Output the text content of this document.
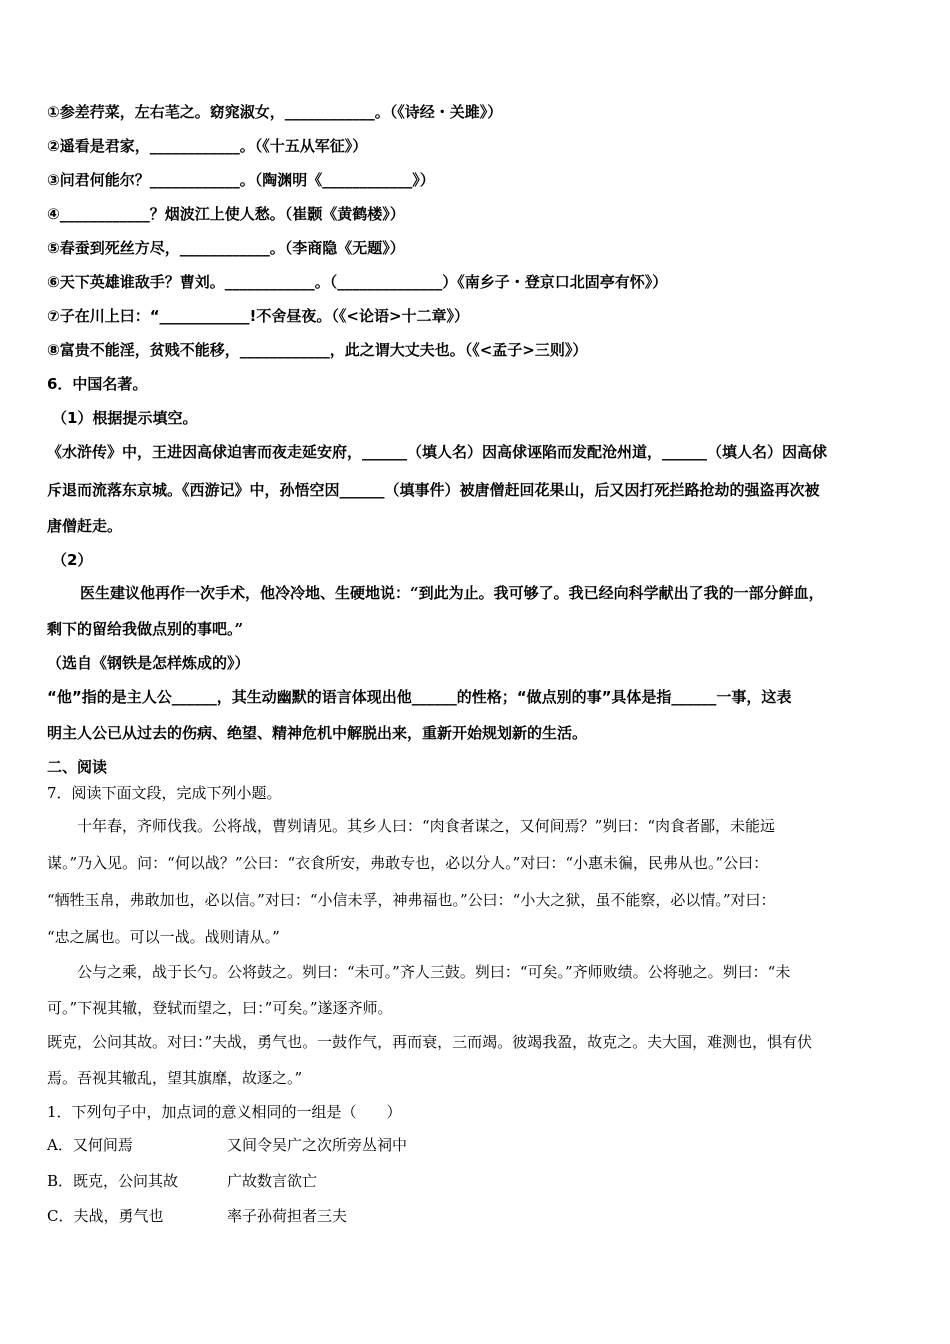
①参差荇菜，左右芼之。窈窕淑女，____________。（《诗经・关雎》）
②遥看是君家，____________。（《十五从军征》）
③问君何能尔？____________。（陶渊明《____________》）
④____________？烟波江上使人愁。（崔颢《黄鹤楼》）
⑤春蚕到死丝方尽，____________。（李商隐《无题》）
⑥天下英雄谁敌手？曹刘。____________。（______________）《南乡子・登京口北固亭有怀》）
⑦子在川上曰：“____________!不舍昼夜。（《<论语>十二章》）
⑧富贵不能淫，贫贱不能移，____________，此之谓大丈夫也。（《<孟子>三则》）
6．中国名著。
（1）根据提示填空。
《水浒传》中，王进因高俅迫害而夜走延安府，______（填人名）因高俅诬陷而发配沧州道，______（填人名）因高俅
斥退而流落东京城。《西游记》中，孙悟空因______（填事件）被唐僧赶回花果山，后又因打死拦路抢劫的强盗再次被
唐僧赶走。
（2）
医生建议他再作一次手术，他冷冷地、生硬地说：“到此为止。我可够了。我已经向科学献出了我的一部分鲜血，
剩下的留给我做点别的事吧。”
（选自《钢铁是怎样炼成的》）
“他”指的是主人公______，其生动幽默的语言体现出他______的性格；“做点别的事”具体是指______一事，这表
明主人公已从过去的伤病、绝望、精神危机中解脱出来，重新开始规划新的生活。
二、阅读
7．阅读下面文段，完成下列小题。
十年春，齐师伐我。公将战，曹刿请见。其乡人曰：“肉食者谋之，又何间焉？”刿曰：“肉食者鄙，未能远
谋。”乃入见。问：“何以战？”公曰：“衣食所安，弗敢专也，必以分人。”对曰：“小惠未徧，民弗从也。”公曰：
“牺牲玉帛，弗敢加也，必以信。”对曰：“小信未孚，神弗福也。”公曰：“小大之狱，虽不能察，必以情。”对曰：
“忠之属也。可以一战。战则请从。”
公与之乘，战于长勺。公将鼓之。刿曰：“未可。”齐人三鼓。刿曰：“可矣。”齐师败绩。公将驰之。刿曰：“未
可。”下视其辙，登轼而望之，曰：”可矣。”遂逐齐师。
既克，公问其故。对曰：”夫战，勇气也。一鼓作气，再而衰，三而竭。彼竭我盈，故克之。夫大国，难测也，惧有伏
焉。吾视其辙乱，望其旗靡，故逐之。”
1．下列句子中，加点词的意义相同的一组是（　　）
A．又何间焉	又间令吴广之次所旁丛祠中
B．既克，公问其故	广故数言欲亡
C．夫战，勇气也	率子孙荷担者三夫
